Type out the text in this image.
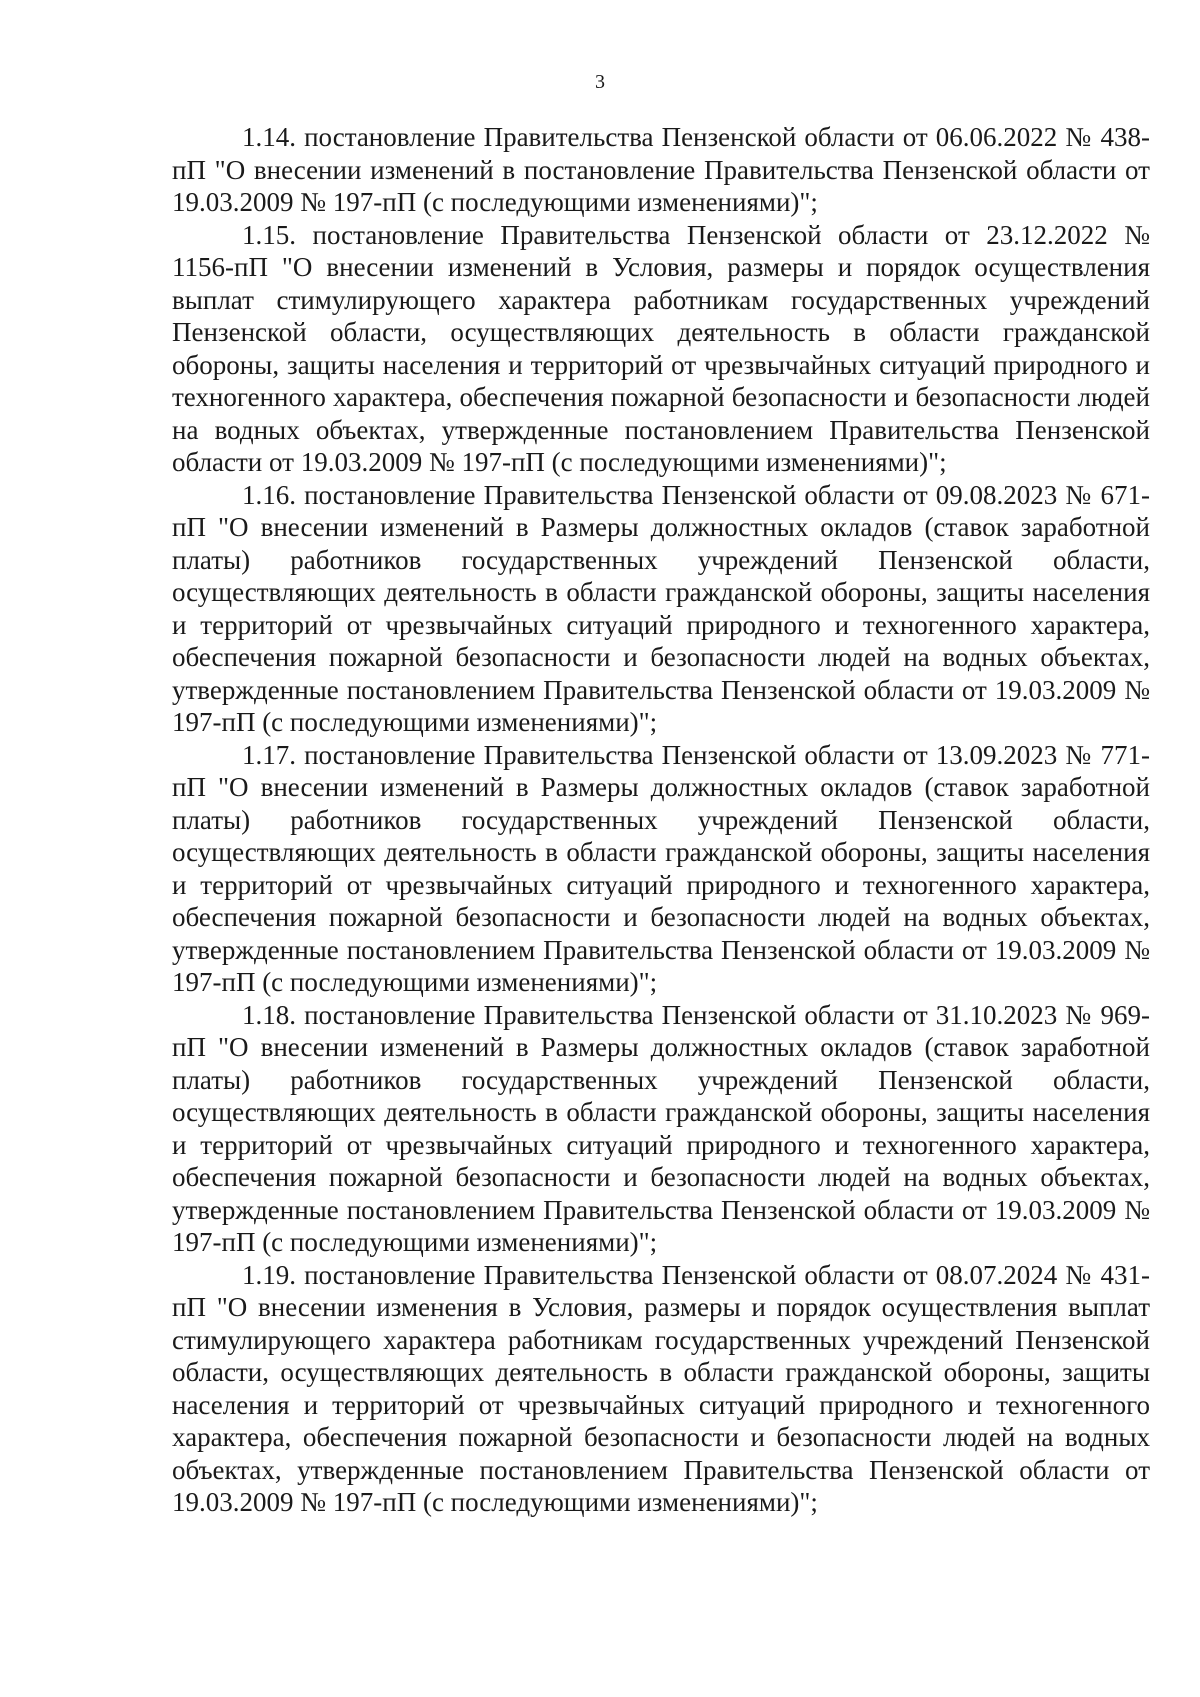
3

1.14. постановление Правительства Пензенской области от 06.06.2022 № 438-пП "О внесении изменений в постановление Правительства Пензенской области от 19.03.2009 № 197-пП (с последующими изменениями)";

1.15. постановление Правительства Пензенской области от 23.12.2022 № 1156-пП "О внесении изменений в Условия, размеры и порядок осуществления выплат стимулирующего характера работникам государственных учреждений Пензенской области, осуществляющих деятельность в области гражданской обороны, защиты населения и территорий от чрезвычайных ситуаций природного и техногенного характера, обеспечения пожарной безопасности и безопасности людей на водных объектах, утвержденные постановлением Правительства Пензенской области от 19.03.2009 № 197-пП (с последующими изменениями)";

1.16. постановление Правительства Пензенской области от 09.08.2023 № 671-пП "О внесении изменений в Размеры должностных окладов (ставок заработной платы) работников государственных учреждений Пензенской области, осуществляющих деятельность в области гражданской обороны, защиты населения и территорий от чрезвычайных ситуаций природного и техногенного характера, обеспечения пожарной безопасности и безопасности людей на водных объектах, утвержденные постановлением Правительства Пензенской области от 19.03.2009 № 197-пП (с последующими изменениями)";

1.17. постановление Правительства Пензенской области от 13.09.2023 № 771-пП "О внесении изменений в Размеры должностных окладов (ставок заработной платы) работников государственных учреждений Пензенской области, осуществляющих деятельность в области гражданской обороны, защиты населения и территорий от чрезвычайных ситуаций природного и техногенного характера, обеспечения пожарной безопасности и безопасности людей на водных объектах, утвержденные постановлением Правительства Пензенской области от 19.03.2009 № 197-пП (с последующими изменениями)";

1.18. постановление Правительства Пензенской области от 31.10.2023 № 969-пП "О внесении изменений в Размеры должностных окладов (ставок заработной платы) работников государственных учреждений Пензенской области, осуществляющих деятельность в области гражданской обороны, защиты населения и территорий от чрезвычайных ситуаций природного и техногенного характера, обеспечения пожарной безопасности и безопасности людей на водных объектах, утвержденные постановлением Правительства Пензенской области от 19.03.2009 № 197-пП (с последующими изменениями)";

1.19. постановление Правительства Пензенской области от 08.07.2024 № 431-пП "О внесении изменения в Условия, размеры и порядок осуществления выплат стимулирующего характера работникам государственных учреждений Пензенской области, осуществляющих деятельность в области гражданской обороны, защиты населения и территорий от чрезвычайных ситуаций природного и техногенного характера, обеспечения пожарной безопасности и безопасности людей на водных объектах, утвержденные постановлением Правительства Пензенской области от 19.03.2009 № 197-пП (с последующими изменениями)";
